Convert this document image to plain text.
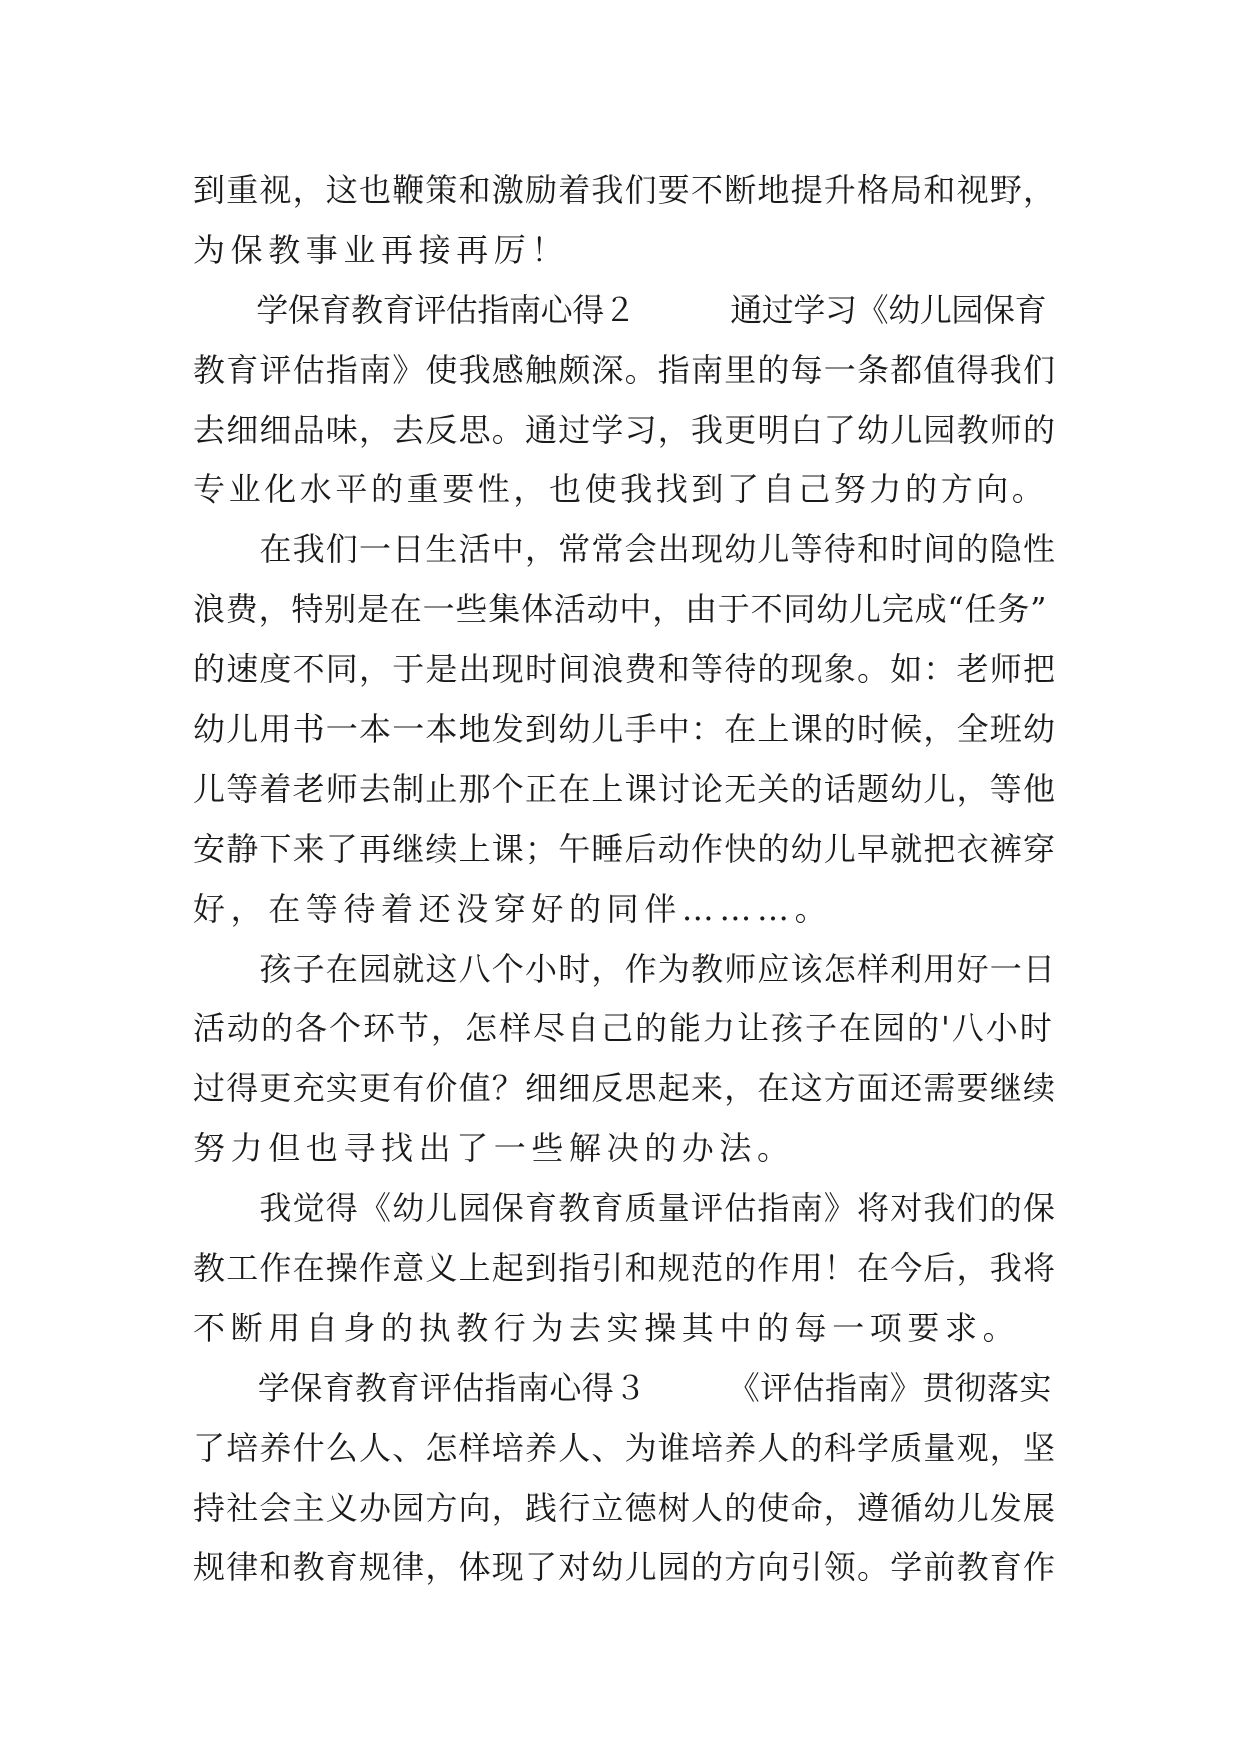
到重视，这也鞭策和激励着我们要不断地提升格局和视野，
为保教事业再接再厉！
　　学保育教育评估指南心得２　　　通过学习《幼儿园保育
教育评估指南》使我感触颇深。指南里的每一条都值得我们
去细细品味，去反思。通过学习，我更明白了幼儿园教师的
专业化水平的重要性，也使我找到了自己努力的方向。
　　在我们一日生活中，常常会出现幼儿等待和时间的隐性
浪费，特别是在一些集体活动中，由于不同幼儿完成“任务”
的速度不同，于是出现时间浪费和等待的现象。如：老师把
幼儿用书一本一本地发到幼儿手中：在上课的时候，全班幼
儿等着老师去制止那个正在上课讨论无关的话题幼儿，等他
安静下来了再继续上课；午睡后动作快的幼儿早就把衣裤穿
好，在等待着还没穿好的同伴………。
　　孩子在园就这八个小时，作为教师应该怎样利用好一日
活动的各个环节，怎样尽自己的能力让孩子在园的'八小时
过得更充实更有价值？细细反思起来，在这方面还需要继续
努力但也寻找出了一些解决的办法。
　　我觉得《幼儿园保育教育质量评估指南》将对我们的保
教工作在操作意义上起到指引和规范的作用！在今后，我将
不断用自身的执教行为去实操其中的每一项要求。
　　学保育教育评估指南心得３　　　《评估指南》贯彻落实
了培养什么人、怎样培养人、为谁培养人的科学质量观，坚
持社会主义办园方向，践行立德树人的使命，遵循幼儿发展
规律和教育规律，体现了对幼儿园的方向引领。学前教育作
